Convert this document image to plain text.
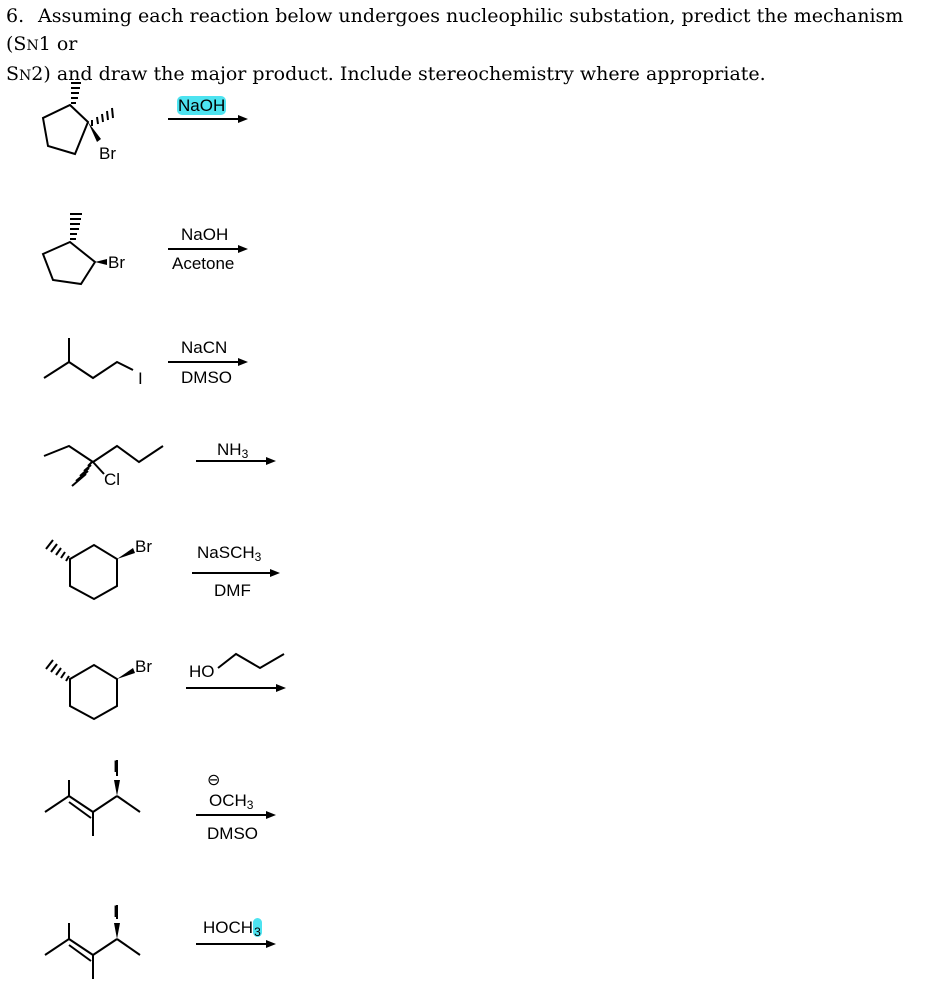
6. Assuming each reaction below undergoes nucleophilic substation, predict the mechanism (SN1 or
SN2) and draw the major product. Include stereochemistry where appropriate.

Br
Br
I
Cl
Br
Br
I
I
NaOH
NaOH
Acetone
NaCN
DMSO
$NH_3$
NaSCH$_3$
DMF
HO
⊖
$OCH_3$
DMSO
$HOCH_3$
